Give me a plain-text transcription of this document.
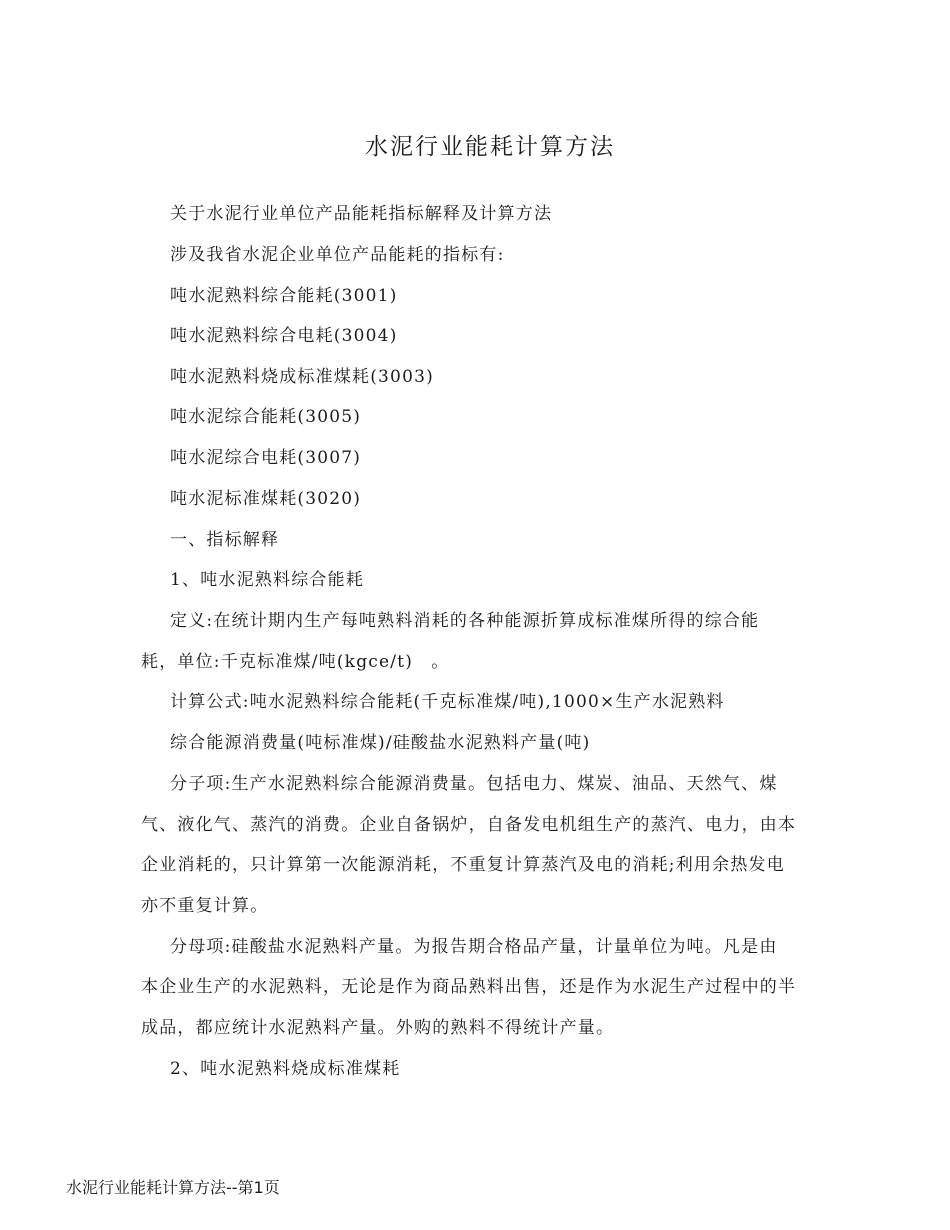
水泥行业能耗计算方法
关于水泥行业单位产品能耗指标解释及计算方法
涉及我省水泥企业单位产品能耗的指标有:
吨水泥熟料综合能耗(3001)
吨水泥熟料综合电耗(3004)
吨水泥熟料烧成标准煤耗(3003)
吨水泥综合能耗(3005)
吨水泥综合电耗(3007)
吨水泥标准煤耗(3020)
一、指标解释
1、吨水泥熟料综合能耗
定义:在统计期内生产每吨熟料消耗的各种能源折算成标准煤所得的综合能
耗，单位:千克标准煤/吨(kgce/t)　。
计算公式:吨水泥熟料综合能耗(千克标准煤/吨),1000×生产水泥熟料
综合能源消费量(吨标准煤)/硅酸盐水泥熟料产量(吨)
分子项:生产水泥熟料综合能源消费量。包括电力、煤炭、油品、天然气、煤
气、液化气、蒸汽的消费。企业自备锅炉，自备发电机组生产的蒸汽、电力，由本
企业消耗的，只计算第一次能源消耗，不重复计算蒸汽及电的消耗;利用余热发电
亦不重复计算。
分母项:硅酸盐水泥熟料产量。为报告期合格品产量，计量单位为吨。凡是由
本企业生产的水泥熟料，无论是作为商品熟料出售，还是作为水泥生产过程中的半
成品，都应统计水泥熟料产量。外购的熟料不得统计产量。
2、吨水泥熟料烧成标准煤耗
水泥行业能耗计算方法--第1页
